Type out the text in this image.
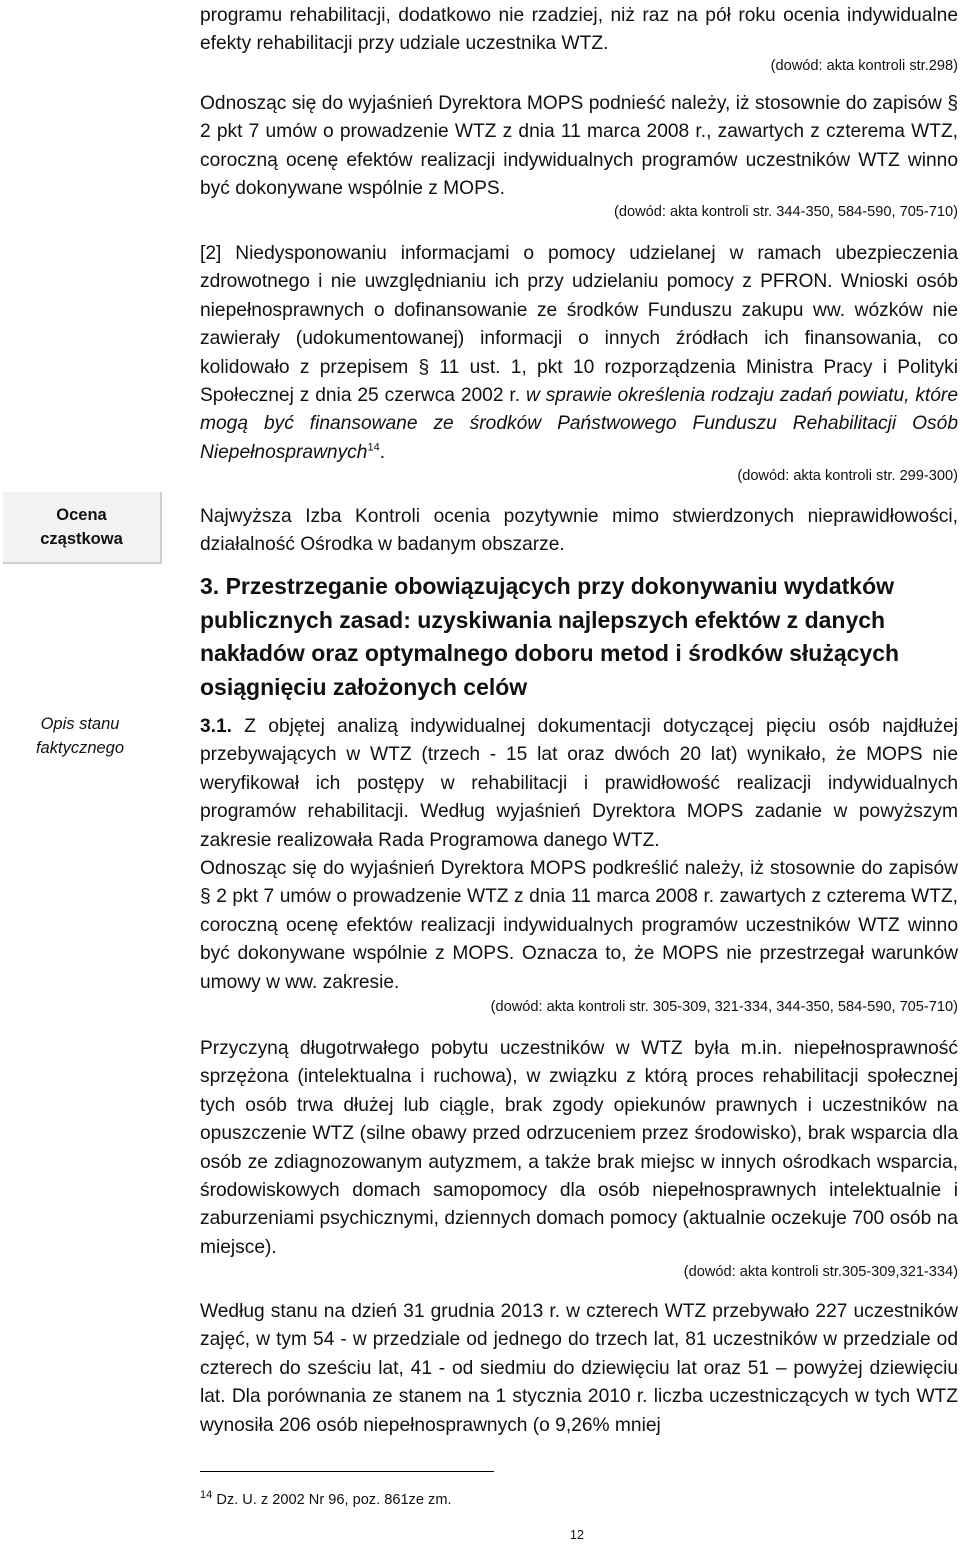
Ocena
cząstkowa
Opis stanu
faktycznego
programu rehabilitacji, dodatkowo nie rzadziej, niż raz na pół roku ocenia indywidualne efekty rehabilitacji przy udziale uczestnika WTZ.
(dowód: akta kontroli str.298)
Odnosząc się do wyjaśnień Dyrektora MOPS podnieść należy, iż stosownie do zapisów § 2 pkt 7 umów o prowadzenie WTZ z dnia 11 marca 2008 r., zawartych z czterema WTZ, coroczną ocenę efektów realizacji indywidualnych programów uczestników WTZ winno być dokonywane wspólnie z MOPS.
(dowód: akta kontroli str. 344-350, 584-590, 705-710)
[2] Niedysponowaniu informacjami o pomocy udzielanej w ramach ubezpieczenia zdrowotnego i nie uwzględnianiu ich przy udzielaniu pomocy z PFRON. Wnioski osób niepełnosprawnych o dofinansowanie ze środków Funduszu zakupu ww. wózków nie zawierały (udokumentowanej) informacji o innych źródłach ich finansowania, co kolidowało z przepisem § 11 ust. 1, pkt 10 rozporządzenia Ministra Pracy i Polityki Społecznej z dnia 25 czerwca 2002 r. w sprawie określenia rodzaju zadań powiatu, które mogą być finansowane ze środków Państwowego Funduszu Rehabilitacji Osób Niepełnosprawnych$^{14}$.
(dowód: akta kontroli str. 299-300)
Najwyższa Izba Kontroli ocenia pozytywnie mimo stwierdzonych nieprawidłowości, działalność Ośrodka w badanym obszarze.
3. Przestrzeganie obowiązujących przy dokonywaniu wydatków publicznych zasad: uzyskiwania najlepszych efektów z danych nakładów oraz optymalnego doboru metod i środków służących osiągnięciu założonych celów
3.1. Z objętej analizą indywidualnej dokumentacji dotyczącej pięciu osób najdłużej przebywających w WTZ (trzech - 15 lat oraz dwóch 20 lat) wynikało, że MOPS nie weryfikował ich postępy w rehabilitacji i prawidłowość realizacji indywidualnych programów rehabilitacji. Według wyjaśnień Dyrektora MOPS zadanie w powyższym zakresie realizowała Rada Programowa danego WTZ.
Odnosząc się do wyjaśnień Dyrektora MOPS podkreślić należy, iż stosownie do zapisów § 2 pkt 7 umów o prowadzenie WTZ z dnia 11 marca 2008 r. zawartych z czterema WTZ, coroczną ocenę efektów realizacji indywidualnych programów uczestników WTZ winno być dokonywane wspólnie z MOPS. Oznacza to, że MOPS nie przestrzegał warunków umowy w ww. zakresie.
(dowód: akta kontroli str. 305-309, 321-334, 344-350, 584-590, 705-710)
Przyczyną długotrwałego pobytu uczestników w WTZ była m.in. niepełnosprawność sprzężona (intelektualna i ruchowa), w związku z którą proces rehabilitacji społecznej tych osób trwa dłużej lub ciągle, brak zgody opiekunów prawnych i uczestników na opuszczenie WTZ (silne obawy przed odrzuceniem przez środowisko), brak wsparcia dla osób ze zdiagnozowanym autyzmem, a także brak miejsc w innych ośrodkach wsparcia, środowiskowych domach samopomocy dla osób niepełnosprawnych intelektualnie i zaburzeniami psychicznymi, dziennych domach pomocy (aktualnie oczekuje 700 osób na miejsce).
(dowód: akta kontroli str.305-309,321-334)
Według stanu na dzień 31 grudnia 2013 r. w czterech WTZ przebywało 227 uczestników zajęć, w tym 54 - w przedziale od jednego do trzech lat, 81 uczestników w przedziale od czterech do sześciu lat, 41 - od siedmiu do dziewięciu lat oraz 51 – powyżej dziewięciu lat. Dla porównania ze stanem na 1 stycznia 2010 r. liczba uczestniczących w tych WTZ wynosiła 206 osób niepełnosprawnych (o 9,26% mniej
$^{14}$ Dz. U. z 2002 Nr 96, poz. 861ze zm.
12
